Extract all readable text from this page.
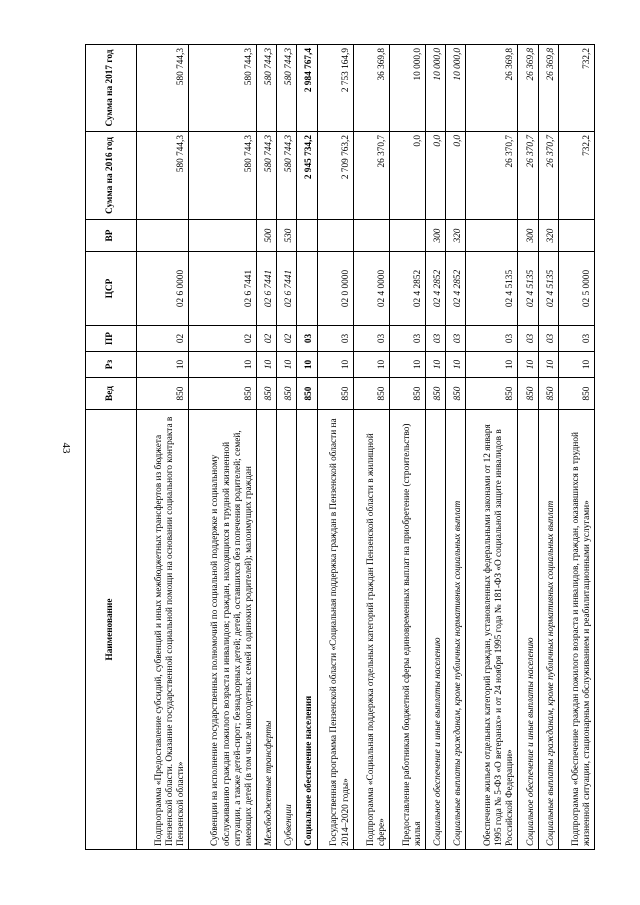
43
Наименование	Вед	Рз	ПР	ЦСР	ВР	Сумма на 2016 год	Сумма на 2017 год
Подпрограмма «Предоставление субсидий, субвенций и иных межбюджетных трансфертов из бюджета Пензенской области. Оказание государственной социальной помощи на основании социального контракта в Пензенской области»	850	10	02	02 6 0000		580 744,3	580 744,3
Субвенции на исполнение государственных полномочий по социальной поддержке и социальному обслуживанию граждан пожилого возраста и инвалидов; граждан, находящихся в трудной жизненной ситуации, а также детей-сирот; безнадзорных детей; детей, оставшихся без попечения родителей; семей, имеющих детей (в том числе многодетных семей и одиноких родителей); малоимущих граждан	850	10	02	02 6 7441		580 744,3	580 744,3
Межбюджетные трансферты	850	10	02	02 6 7441	500	580 744,3	580 744,3
Субвенции	850	10	02	02 6 7441	530	580 744,3	580 744,3
Социальное обеспечение населения	850	10	03			2 945 734,2	2 984 767,4
Государственная программа Пензенской области «Социальная поддержка граждан в Пензенской области на 2014–2020 годы»	850	10	03	02 0 0000		2 709 763,2	2 753 164,9
Подпрограмма «Социальная поддержка отдельных категорий граждан Пензенской области в жилищной сфере»	850	10	03	02 4 0000		26 370,7	36 369,8
Предоставление работникам бюджетной сферы единовременных выплат на приобретение (строительство) жилья	850	10	03	02 4 2852		0,0	10 000,0
Социальное обеспечение и иные выплаты населению	850	10	03	02 4 2852	300	0,0	10 000,0
Социальные выплаты гражданам, кроме публичных нормативных социальных выплат	850	10	03	02 4 2852	320	0,0	10 000,0
Обеспечение жильем отдельных категорий граждан, установленных федеральными законами от 12 января 1995 года № 5-ФЗ «О ветеранах» и от 24 ноября 1995 года № 181-ФЗ «О социальной защите инвалидов в Российской Федерации»	850	10	03	02 4 5135		26 370,7	26 369,8
Социальное обеспечение и иные выплаты населению	850	10	03	02 4 5135	300	26 370,7	26 369,8
Социальные выплаты гражданам, кроме публичных нормативных социальных выплат	850	10	03	02 4 5135	320	26 370,7	26 369,8
Подпрограмма «Обеспечение граждан пожилого возраста и инвалидов, граждан, оказавшихся в трудной жизненной ситуации, стационарным обслуживанием и реабилитационными услугами»	850	10	03	02 5 0000		732,2	732,2
